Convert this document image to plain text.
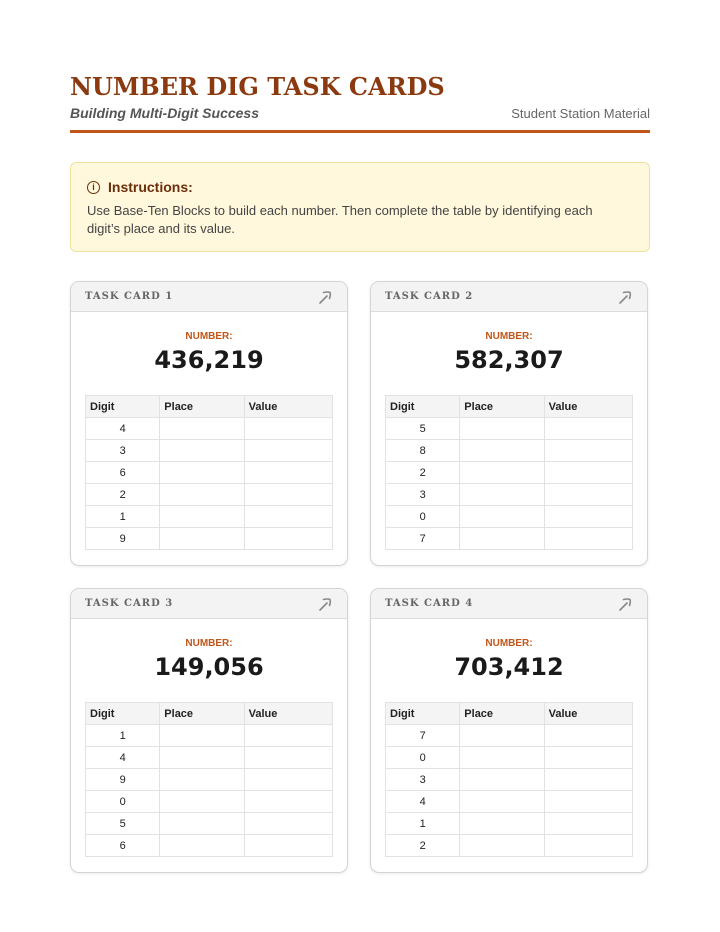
NUMBER DIG TASK CARDS
Building Multi-Digit Success	Student Station Material
i Instructions:
Use Base-Ten Blocks to build each number. Then complete the table by identifying each digit’s place and its value.
TASK CARD 1
NUMBER:
436,219
Digit	Place	Value
4		
3		
6		
2		
1		
9		
TASK CARD 2
NUMBER:
582,307
Digit	Place	Value
5		
8		
2		
3		
0		
7		
TASK CARD 3
NUMBER:
149,056
Digit	Place	Value
1		
4		
9		
0		
5		
6		
TASK CARD 4
NUMBER:
703,412
Digit	Place	Value
7		
0		
3		
4		
1		
2		
